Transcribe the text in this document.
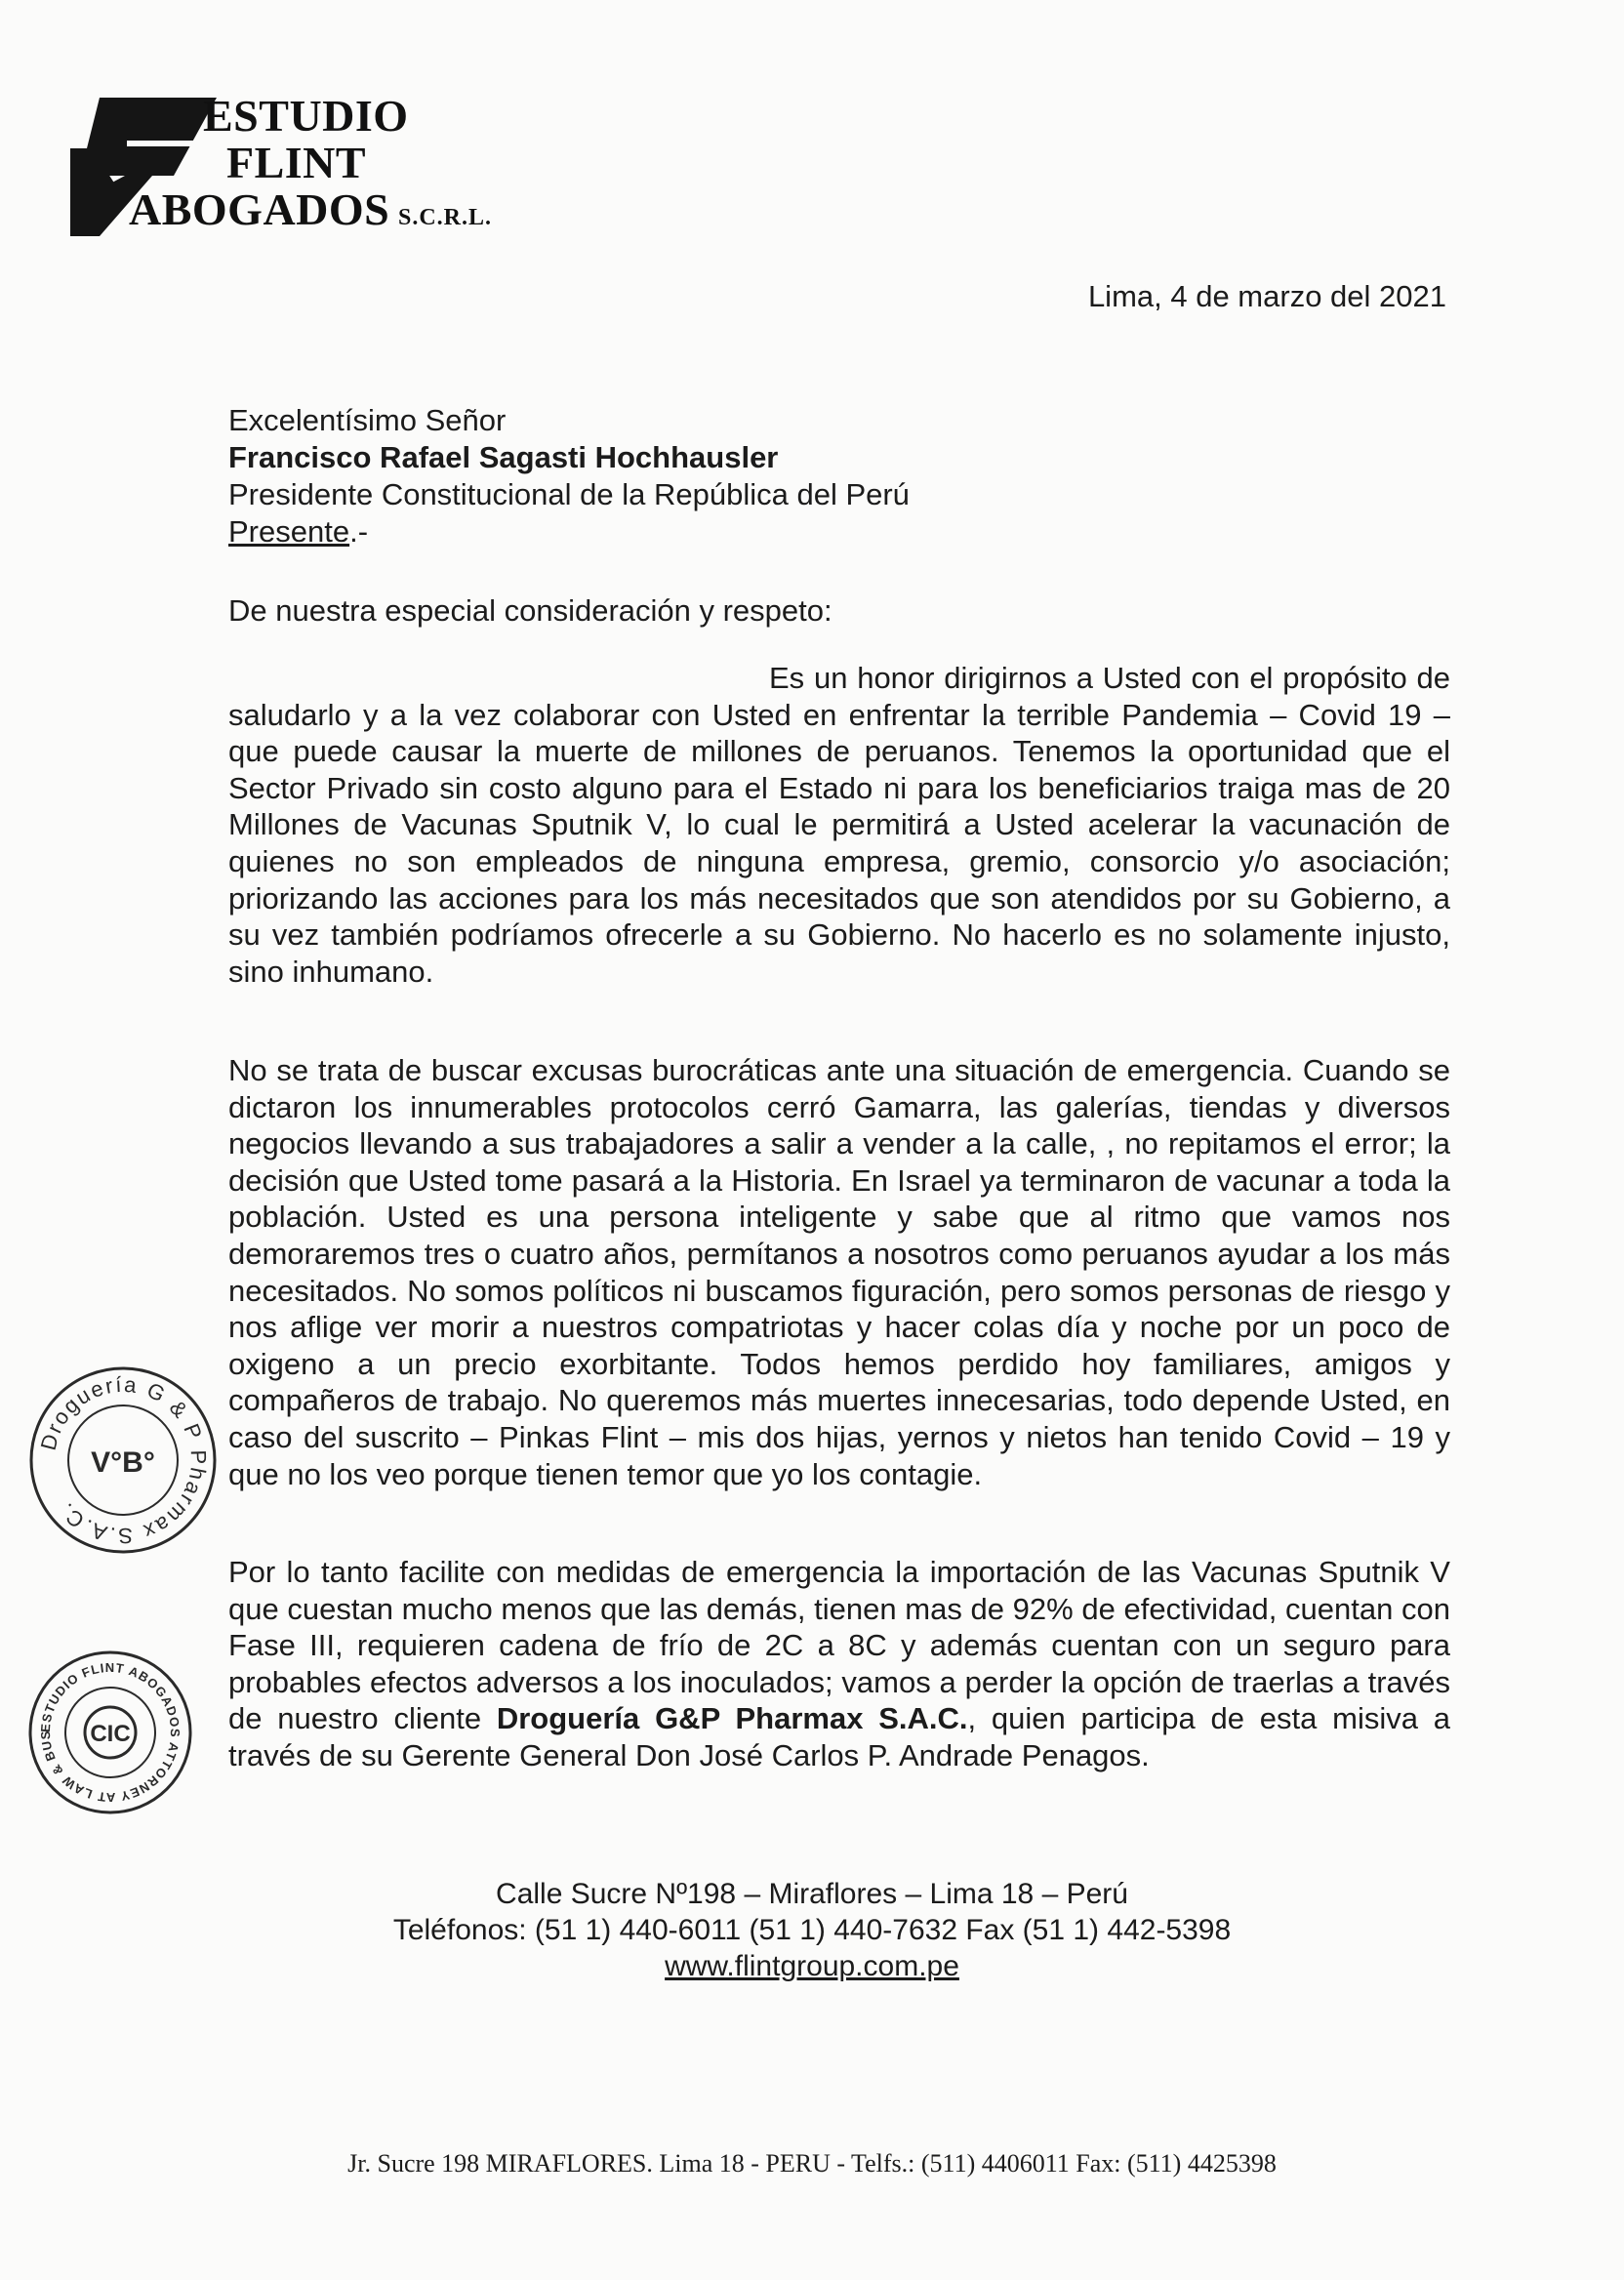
ESTUDIO
FLINT
ABOGADOS S.C.R.L.
Lima, 4 de marzo del 2021
Excelentísimo Señor
Francisco Rafael Sagasti Hochhausler
Presidente Constitucional de la República del Perú
Presente.-
De nuestra especial consideración y respeto:

Es un honor dirigirnos a Usted con el propósito de saludarlo y a la vez colaborar con Usted en enfrentar la terrible Pandemia – Covid 19 – que puede causar la muerte de millones de peruanos. Tenemos la oportunidad que el Sector Privado sin costo alguno para el Estado ni para los beneficiarios traiga mas de 20 Millones de Vacunas Sputnik V, lo cual le permitirá a Usted acelerar la vacunación de quienes no son empleados de ninguna empresa, gremio, consorcio y/o asociación; priorizando las acciones para los más necesitados que son atendidos por su Gobierno, a su vez también podríamos ofrecerle a su Gobierno. No hacerlo es no solamente injusto, sino inhumano.

No se trata de buscar excusas burocráticas ante una situación de emergencia. Cuando se dictaron los innumerables protocolos cerró Gamarra, las galerías, tiendas y diversos negocios llevando a sus trabajadores a salir a vender a la calle, , no repitamos el error; la decisión que Usted tome pasará a la Historia. En Israel ya terminaron de vacunar a toda la población. Usted es una persona inteligente y sabe que al ritmo que vamos nos demoraremos tres o cuatro años, permítanos a nosotros como peruanos ayudar a los más necesitados. No somos políticos ni buscamos figuración, pero somos personas de riesgo y nos aflige ver morir a nuestros compatriotas y hacer colas día y noche por un poco de oxigeno a un precio exorbitante. Todos hemos perdido hoy familiares, amigos y compañeros de trabajo. No queremos más muertes innecesarias, todo depende Usted, en caso del suscrito – Pinkas Flint – mis dos hijas, yernos y nietos han tenido Covid – 19 y que no los veo porque tienen temor que yo los contagie.

Por lo tanto facilite con medidas de emergencia la importación de las Vacunas Sputnik V que cuestan mucho menos que las demás, tienen mas de 92% de efectividad, cuentan con Fase III, requieren cadena de frío de 2C a 8C y además cuentan con un seguro para probables efectos adversos a los inoculados; vamos a perder la opción de traerlas a través de nuestro cliente Droguería G&P Pharmax S.A.C., quien participa de esta misiva a través de su Gerente General Don José Carlos P. Andrade Penagos.

Calle Sucre Nº198 – Miraflores – Lima 18 – Perú
Teléfonos: (51 1) 440-6011 (51 1) 440-7632 Fax (51 1) 442-5398
www.flintgroup.com.pe
Jr. Sucre 198 MIRAFLORES. Lima 18 - PERU - Telfs.: (511) 4406011 Fax: (511) 4425398
Droguería G & P Pharmax S.A.C.
V°B°
ESTUDIO FLINT ABOGADOS ATTORNEY AT LAW & BUS	CIC
